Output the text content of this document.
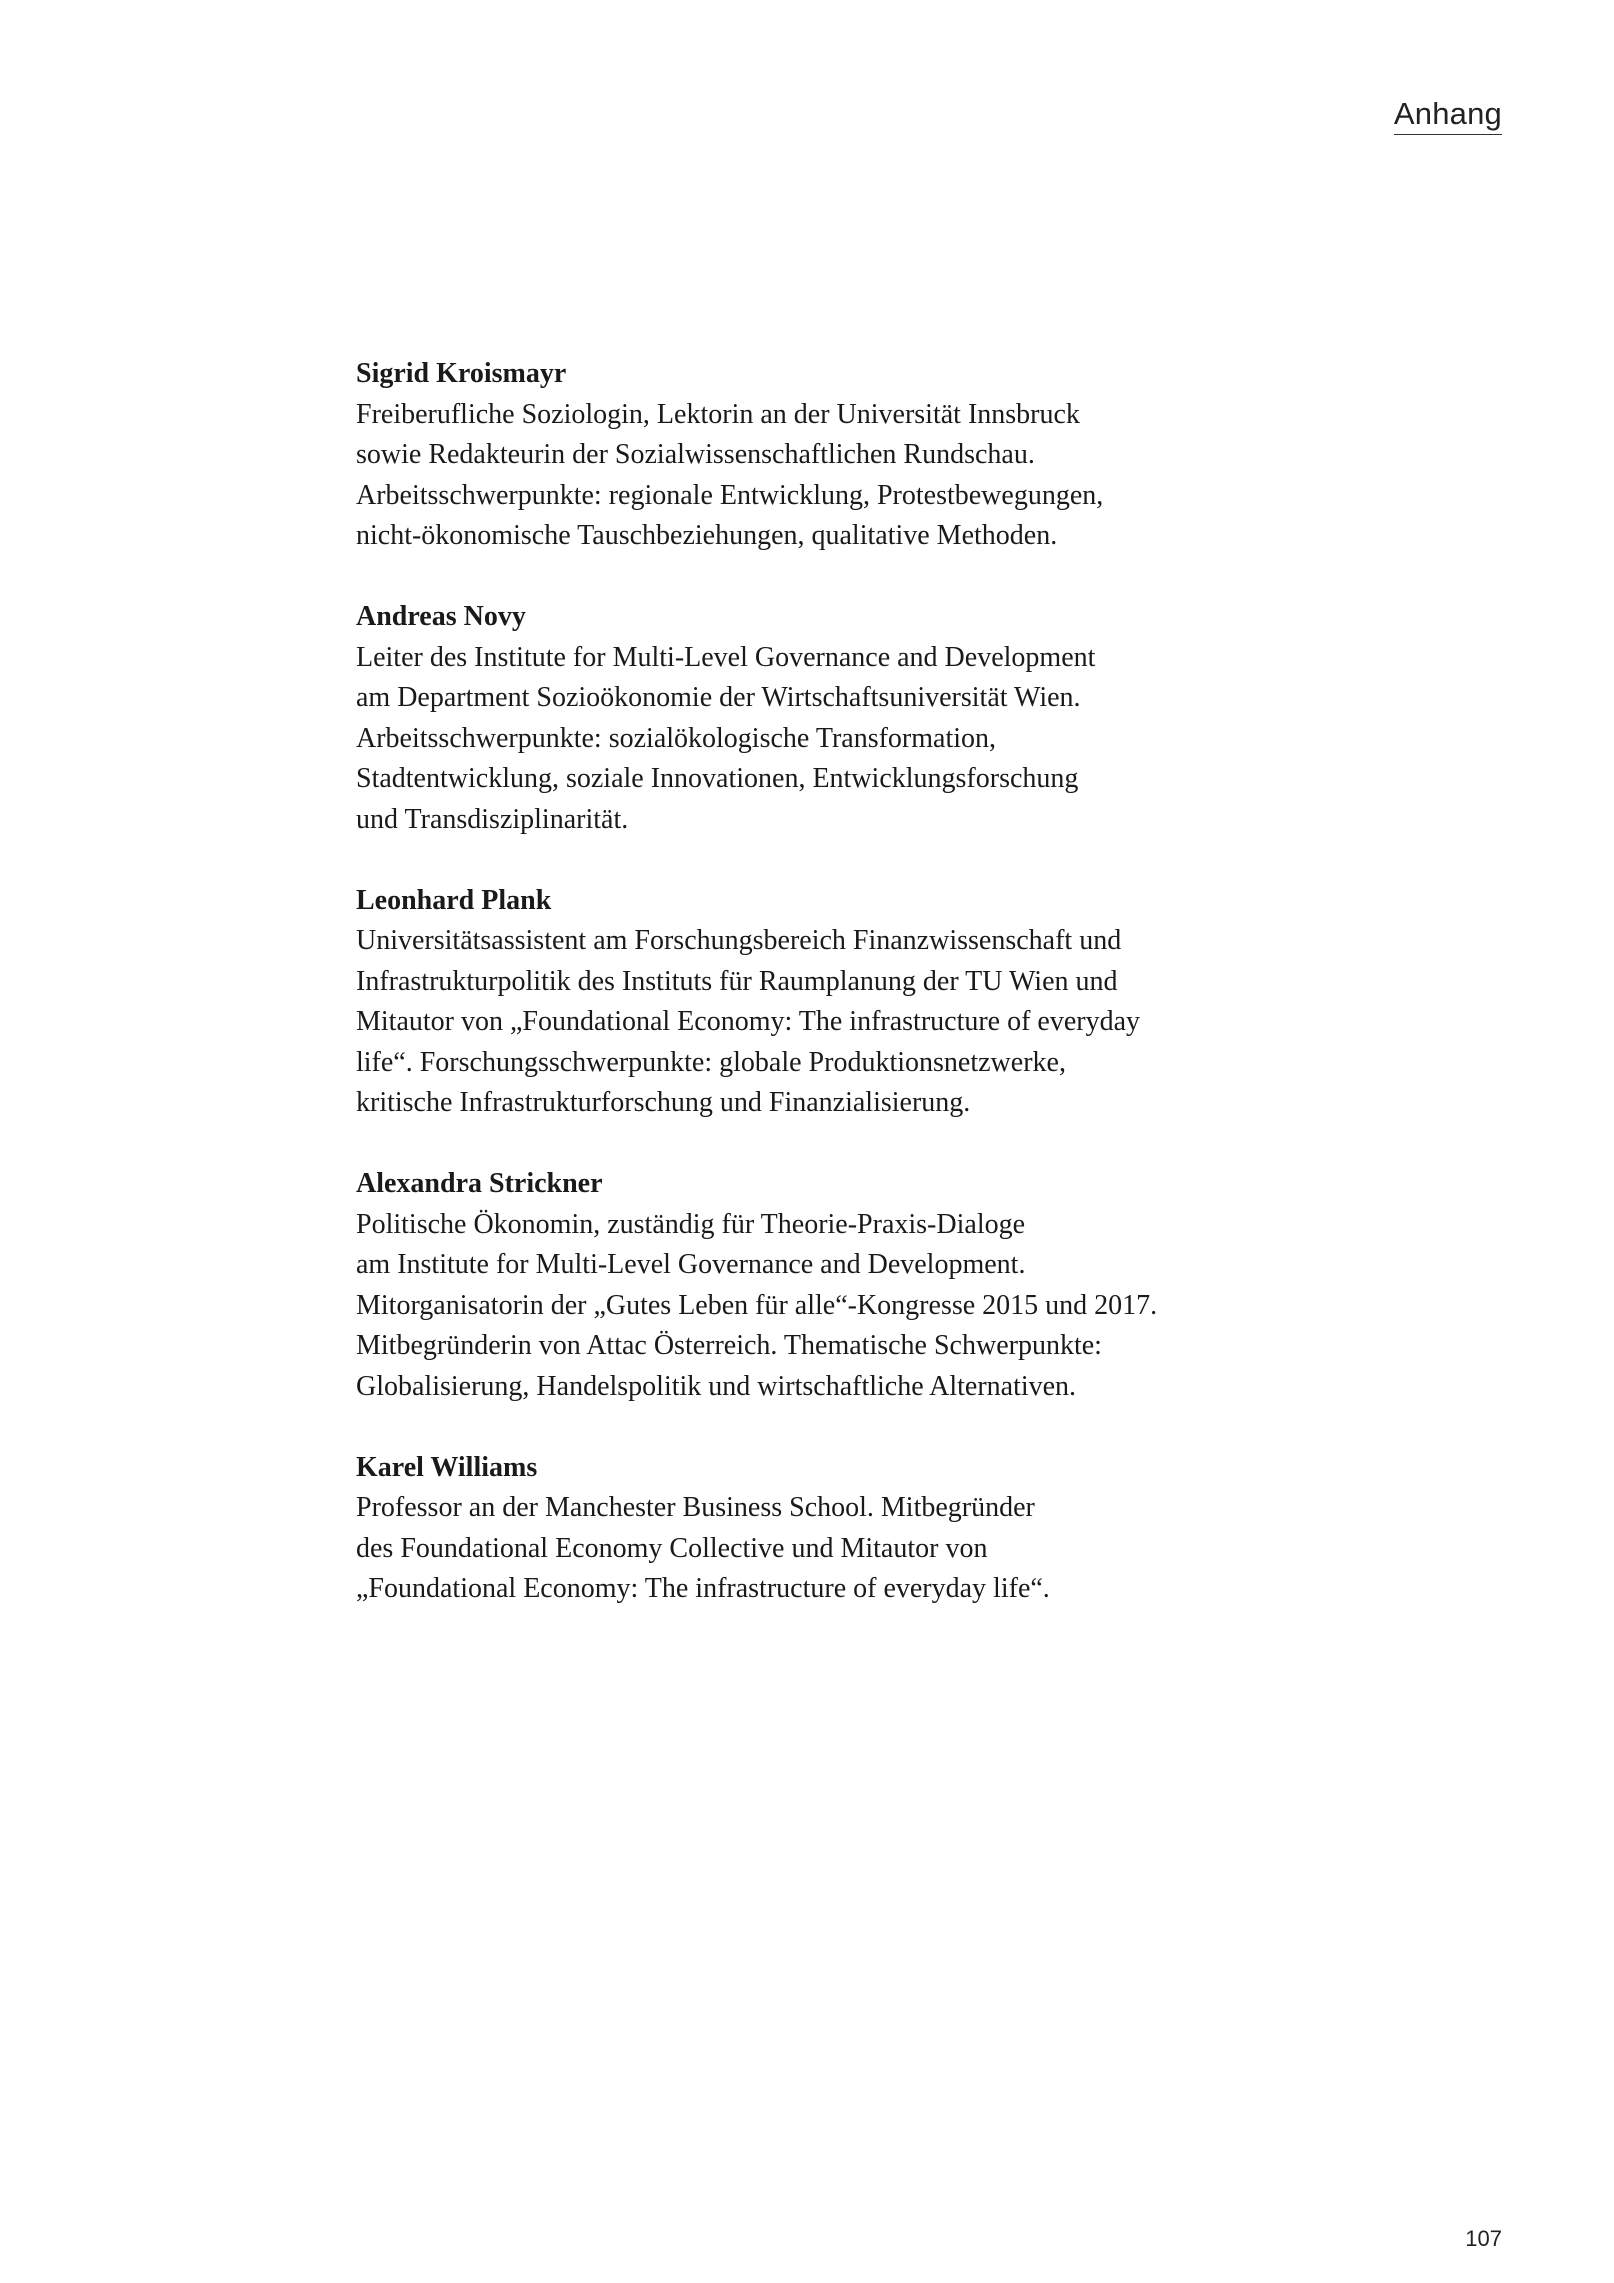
Anhang
Sigrid Kroismayr
Freiberufliche Soziologin, Lektorin an der Universität Innsbruck
sowie Redakteurin der Sozialwissenschaftlichen Rundschau.
Arbeitsschwerpunkte: regionale Entwicklung, Protestbewegungen,
nicht-ökonomische Tauschbeziehungen, qualitative Methoden.
Andreas Novy
Leiter des Institute for Multi-Level Governance and Development
am Department Sozioökonomie der Wirtschaftsuniversität Wien.
Arbeitsschwerpunkte: sozialökologische Transformation,
Stadtentwicklung, soziale Innovationen, Entwicklungsforschung
und Transdisziplinarität.
Leonhard Plank
Universitätsassistent am Forschungsbereich Finanzwissenschaft und
Infrastrukturpolitik des Instituts für Raumplanung der TU Wien und
Mitautor von „Foundational Economy: The infrastructure of everyday
life“. Forschungsschwerpunkte: globale Produktionsnetzwerke,
kritische Infrastrukturforschung und Finanzialisierung.
Alexandra Strickner
Politische Ökonomin, zuständig für Theorie-Praxis-Dialoge
am Institute for Multi-Level Governance and Development.
Mitorganisatorin der „Gutes Leben für alle“-Kongresse 2015 und 2017.
Mitbegründerin von Attac Österreich. Thematische Schwerpunkte:
Globalisierung, Handelspolitik und wirtschaftliche Alternativen.
Karel Williams
Professor an der Manchester Business School. Mitbegründer
des Foundational Economy Collective und Mitautor von
„Foundational Economy: The infrastructure of everyday life“.
107
